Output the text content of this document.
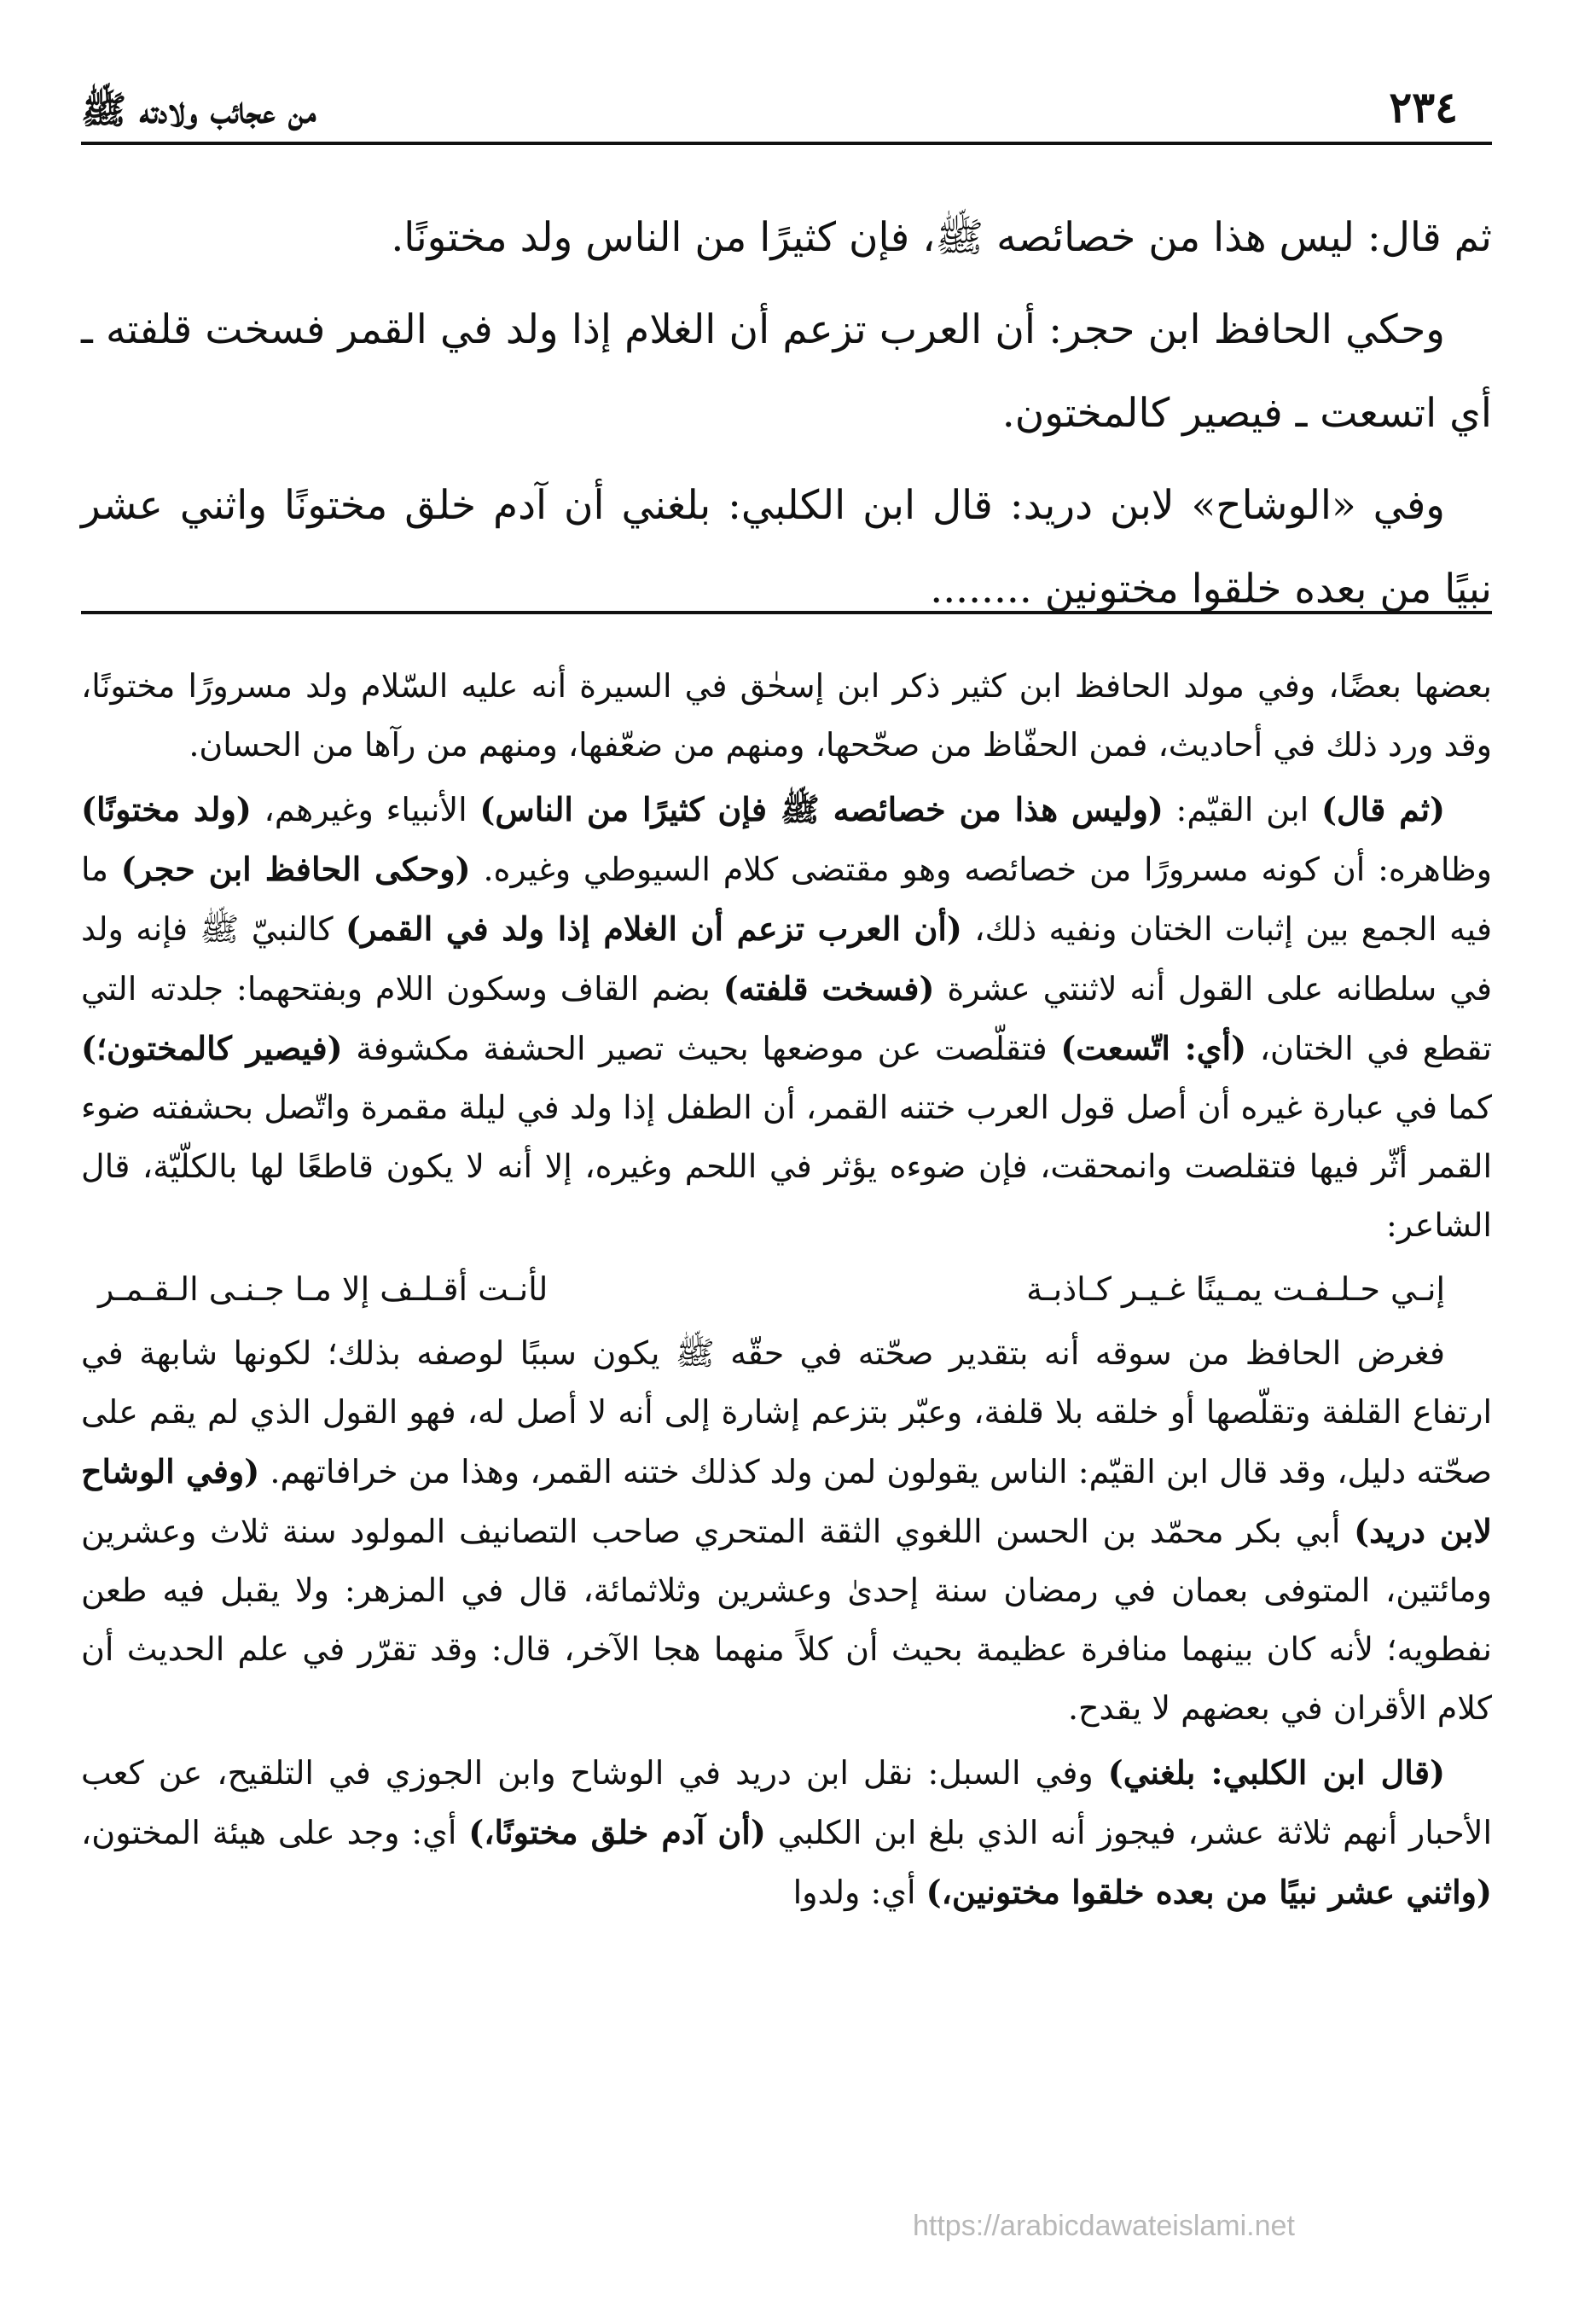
٢٣٤
من عجائب ولادته ﷺ

ثم قال: ليس هذا من خصائصه ﷺ، فإن كثيرًا من الناس ولد مختونًا.

وحكي الحافظ ابن حجر: أن العرب تزعم أن الغلام إذا ولد في القمر فسخت قلفته ـ أي اتسعت ـ فيصير كالمختون.

وفي «الوشاح» لابن دريد: قال ابن الكلبي: بلغني أن آدم خلق مختونًا واثني عشر نبيًا من بعده خلقوا مختونين ........

بعضها بعضًا، وفي مولد الحافظ ابن كثير ذكر ابن إسحٰق في السيرة أنه عليه السّلام ولد مسرورًا مختونًا، وقد ورد ذلك في أحاديث، فمن الحفّاظ من صحّحها، ومنهم من ضعّفها، ومنهم من رآها من الحسان.

(ثم قال) ابن القيّم: (وليس هذا من خصائصه ﷺ فإن كثيرًا من الناس) الأنبياء وغيرهم، (ولد مختونًا) وظاهره: أن كونه مسرورًا من خصائصه وهو مقتضى كلام السيوطي وغيره. (وحكى الحافظ ابن حجر) ما فيه الجمع بين إثبات الختان ونفيه ذلك، (أن العرب تزعم أن الغلام إذا ولد في القمر) كالنبيّ ﷺ فإنه ولد في سلطانه على القول أنه لاثنتي عشرة (فسخت قلفته) بضم القاف وسكون اللام وبفتحهما: جلدته التي تقطع في الختان، (أي: اتّسعت) فتقلّصت عن موضعها بحيث تصير الحشفة مكشوفة (فيصير كالمختون؛) كما في عبارة غيره أن أصل قول العرب ختنه القمر، أن الطفل إذا ولد في ليلة مقمرة واتّصل بحشفته ضوء القمر أثّر فيها فتقلصت وانمحقت، فإن ضوءه يؤثر في اللحم وغيره، إلا أنه لا يكون قاطعًا لها بالكلّيّة، قال الشاعر:

إنـي حـلـفـت يمـينًا غـيـر كـاذبـة
لأنـت أقـلـف إلا مـا جـنـى الـقـمـر

فغرض الحافظ من سوقه أنه بتقدير صحّته في حقّه ﷺ يكون سببًا لوصفه بذلك؛ لكونها شابهة في ارتفاع القلفة وتقلّصها أو خلقه بلا قلفة، وعبّر بتزعم إشارة إلى أنه لا أصل له، فهو القول الذي لم يقم على صحّته دليل، وقد قال ابن القيّم: الناس يقولون لمن ولد كذلك ختنه القمر، وهذا من خرافاتهم. (وفي الوشاح لابن دريد) أبي بكر محمّد بن الحسن اللغوي الثقة المتحري صاحب التصانيف المولود سنة ثلاث وعشرين ومائتين، المتوفى بعمان في رمضان سنة إحدىٰ وعشرين وثلاثمائة، قال في المزهر: ولا يقبل فيه طعن نفطويه؛ لأنه كان بينهما منافرة عظيمة بحيث أن كلاً منهما هجا الآخر، قال: وقد تقرّر في علم الحديث أن كلام الأقران في بعضهم لا يقدح.

(قال ابن الكلبي: بلغني) وفي السبل: نقل ابن دريد في الوشاح وابن الجوزي في التلقيح، عن كعب الأحبار أنهم ثلاثة عشر، فيجوز أنه الذي بلغ ابن الكلبي (أن آدم خلق مختونًا،) أي: وجد على هيئة المختون، (واثني عشر نبيًا من بعده خلقوا مختونين،) أي: ولدوا

https://arabicdawateislami.net
